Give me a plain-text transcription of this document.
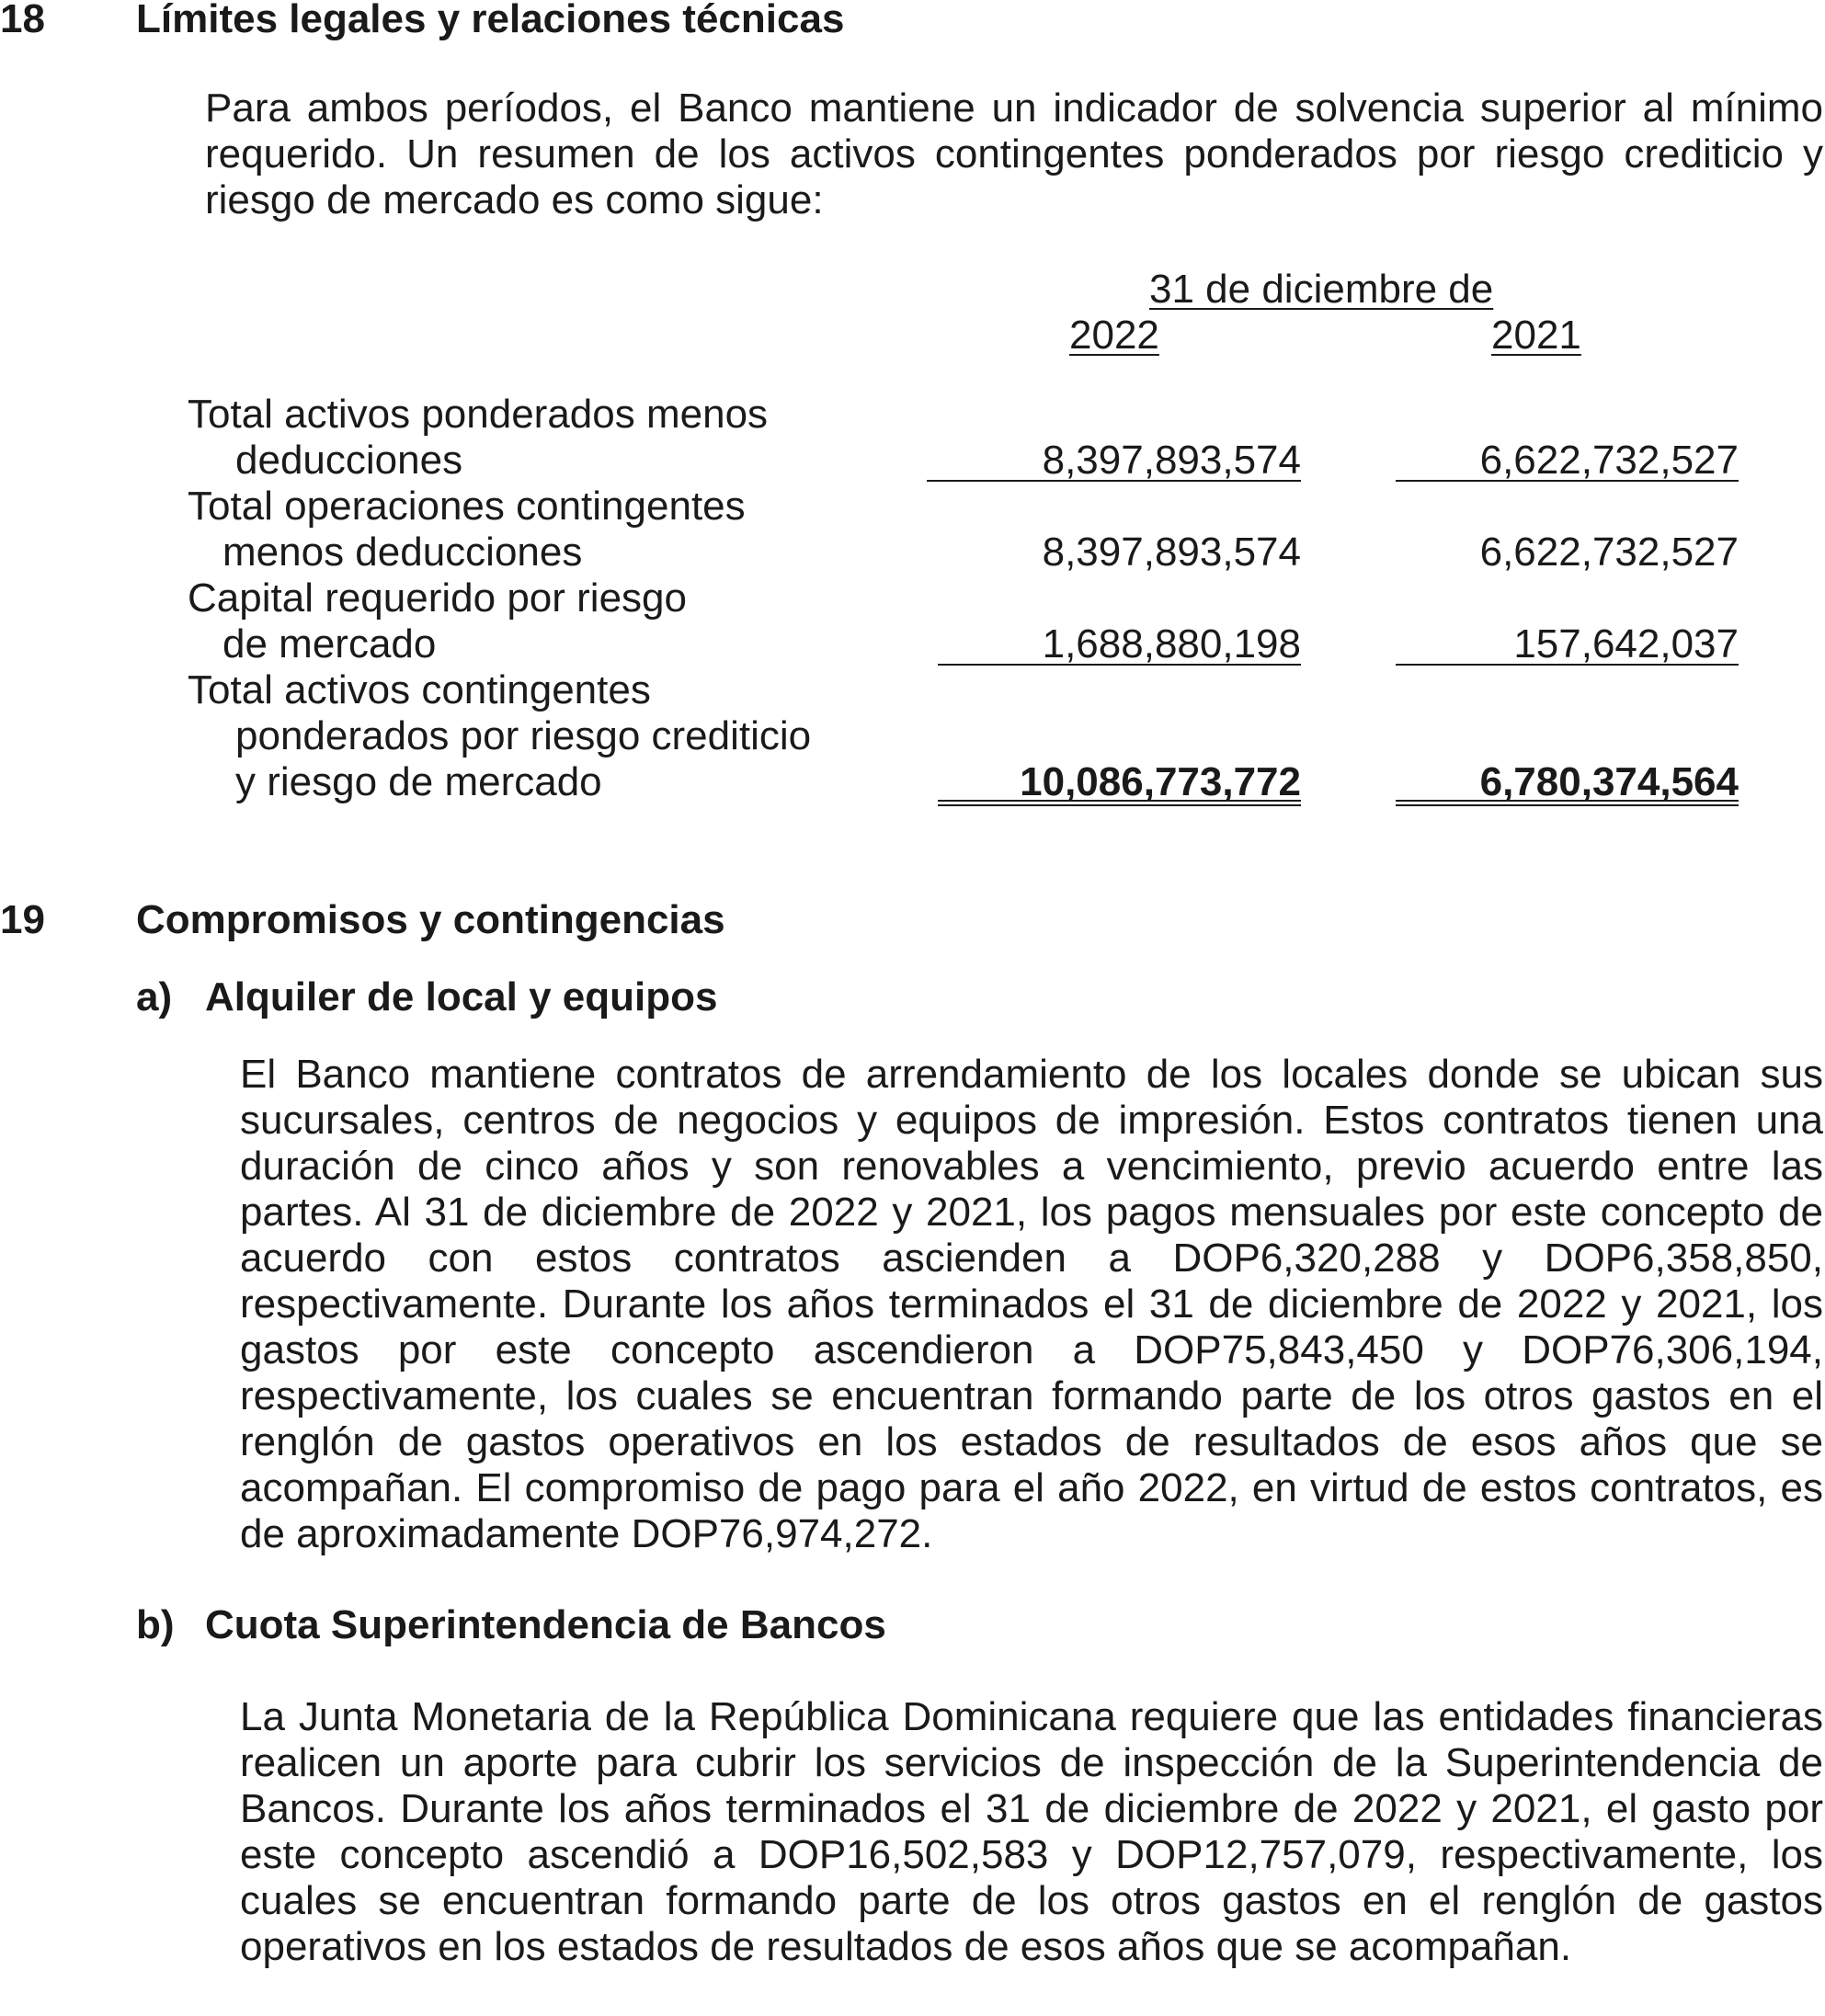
18 Límites legales y relaciones técnicas

Para ambos períodos, el Banco mantiene un indicador de solvencia superior al mínimo requerido. Un resumen de los activos contingentes ponderados por riesgo crediticio y riesgo de mercado es como sigue:

31 de diciembre de
2022	2021
Total activos ponderados menos
deducciones	8,397,893,574	6,622,732,527
Total operaciones contingentes
menos deducciones	8,397,893,574	6,622,732,527
Capital requerido por riesgo
de mercado	1,688,880,198	157,642,037
Total activos contingentes
ponderados por riesgo crediticio
y riesgo de mercado	10,086,773,772	6,780,374,564
19 Compromisos y contingencias
a) Alquiler de local y equipos

El Banco mantiene contratos de arrendamiento de los locales donde se ubican sus sucursales, centros de negocios y equipos de impresión. Estos contratos tienen una duración de cinco años y son renovables a vencimiento, previo acuerdo entre las partes. Al 31 de diciembre de 2022 y 2021, los pagos mensuales por este concepto de acuerdo con estos contratos ascienden a DOP6,320,288 y DOP6,358,850, respectivamente. Durante los años terminados el 31 de diciembre de 2022 y 2021, los gastos por este concepto ascendieron a DOP75,843,450 y DOP76,306,194, respectivamente, los cuales se encuentran formando parte de los otros gastos en el renglón de gastos operativos en los estados de resultados de esos años que se acompañan. El compromiso de pago para el año 2022, en virtud de estos contratos, es de aproximadamente DOP76,974,272.

b) Cuota Superintendencia de Bancos

La Junta Monetaria de la República Dominicana requiere que las entidades financieras realicen un aporte para cubrir los servicios de inspección de la Superintendencia de Bancos. Durante los años terminados el 31 de diciembre de 2022 y 2021, el gasto por este concepto ascendió a DOP16,502,583 y DOP12,757,079, respectivamente, los cuales se encuentran formando parte de los otros gastos en el renglón de gastos operativos en los estados de resultados de esos años que se acompañan.
